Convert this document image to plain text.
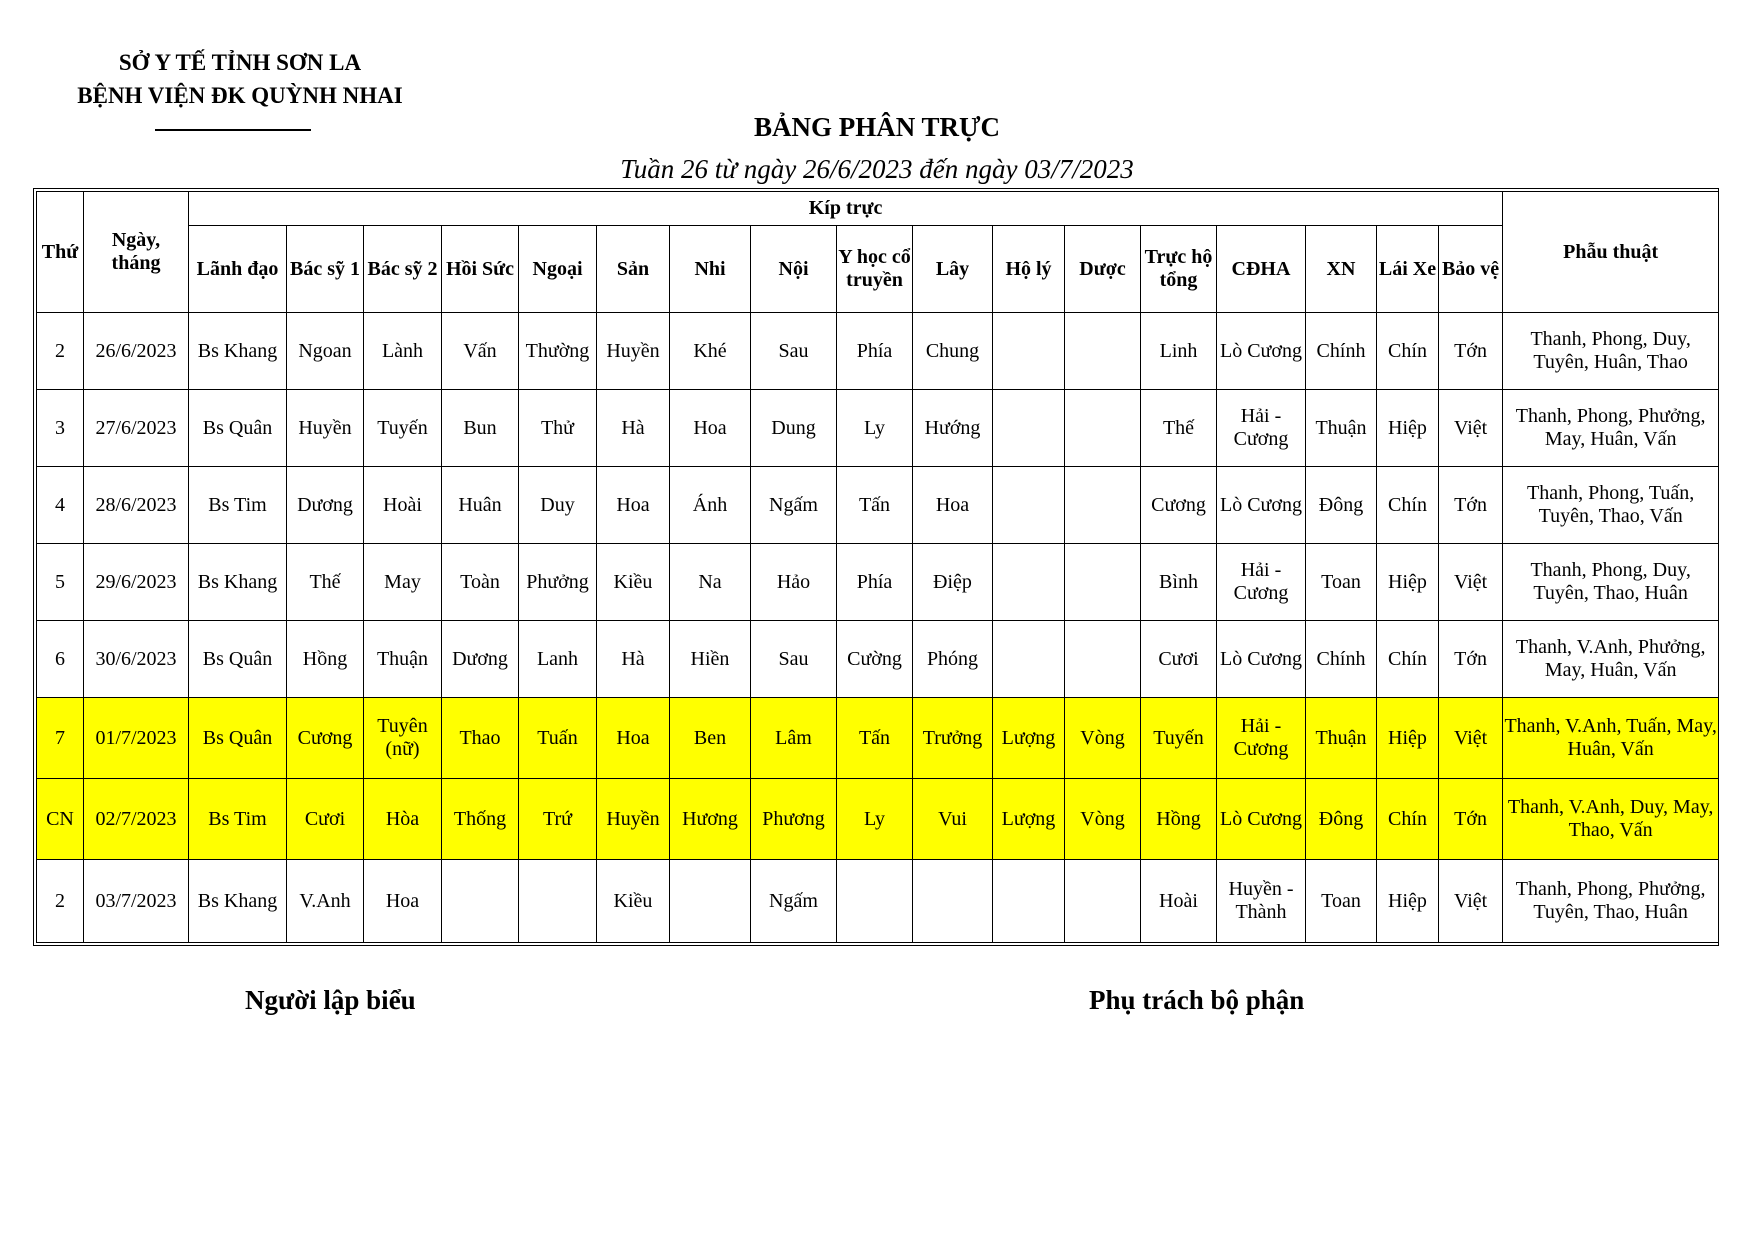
SỞ Y TẾ TỈNH SƠN LA
BỆNH VIỆN ĐK QUỲNH NHAI
BẢNG PHÂN TRỰC
Tuần 26 từ ngày 26/6/2023 đến ngày 03/7/2023
Thứ	Ngày, tháng	Kíp trực																	Phẫu thuật
		Lãnh đạo	Bác sỹ 1	Bác sỹ 2	Hồi Sức	Ngoại	Sản	Nhi	Nội	Y học cổ truyền	Lây	Hộ lý	Dược	Trực hộ tổng	CĐHA	XN	Lái Xe	Bảo vệ	
2	26/6/2023	Bs Khang	Ngoan	Lành	Vấn	Thường	Huyền	Khé	Sau	Phía	Chung			Linh	Lò Cương	Chính	Chín	Tớn	Thanh, Phong, Duy, Tuyên, Huân, Thao
3	27/6/2023	Bs Quân	Huyền	Tuyến	Bun	Thử	Hà	Hoa	Dung	Ly	Hướng			Thế	Hải - Cương	Thuận	Hiệp	Việt	Thanh, Phong, Phưởng, May, Huân, Vấn
4	28/6/2023	Bs Tim	Dương	Hoài	Huân	Duy	Hoa	Ánh	Ngấm	Tấn	Hoa			Cương	Lò Cương	Đông	Chín	Tớn	Thanh, Phong, Tuấn, Tuyên, Thao, Vấn
5	29/6/2023	Bs Khang	Thế	May	Toàn	Phưởng	Kiều	Na	Hảo	Phía	Điệp			Bình	Hải - Cương	Toan	Hiệp	Việt	Thanh, Phong, Duy, Tuyên, Thao, Huân
6	30/6/2023	Bs Quân	Hồng	Thuận	Dương	Lanh	Hà	Hiền	Sau	Cường	Phóng			Cươi	Lò Cương	Chính	Chín	Tớn	Thanh, V.Anh, Phưởng, May, Huân, Vấn
7	01/7/2023	Bs Quân	Cương	Tuyên (nữ)	Thao	Tuấn	Hoa	Ben	Lâm	Tấn	Trưởng	Lượng	Vòng	Tuyến	Hải - Cương	Thuận	Hiệp	Việt	Thanh, V.Anh, Tuấn, May, Huân, Vấn
CN	02/7/2023	Bs Tim	Cươi	Hòa	Thống	Trứ	Huyền	Hương	Phương	Ly	Vui	Lượng	Vòng	Hồng	Lò Cương	Đông	Chín	Tớn	Thanh, V.Anh, Duy, May, Thao, Vấn
2	03/7/2023	Bs Khang	V.Anh	Hoa			Kiều		Ngấm					Hoài	Huyền - Thành	Toan	Hiệp	Việt	Thanh, Phong, Phưởng, Tuyên, Thao, Huân
Người lập biểu	Phụ trách bộ phận
